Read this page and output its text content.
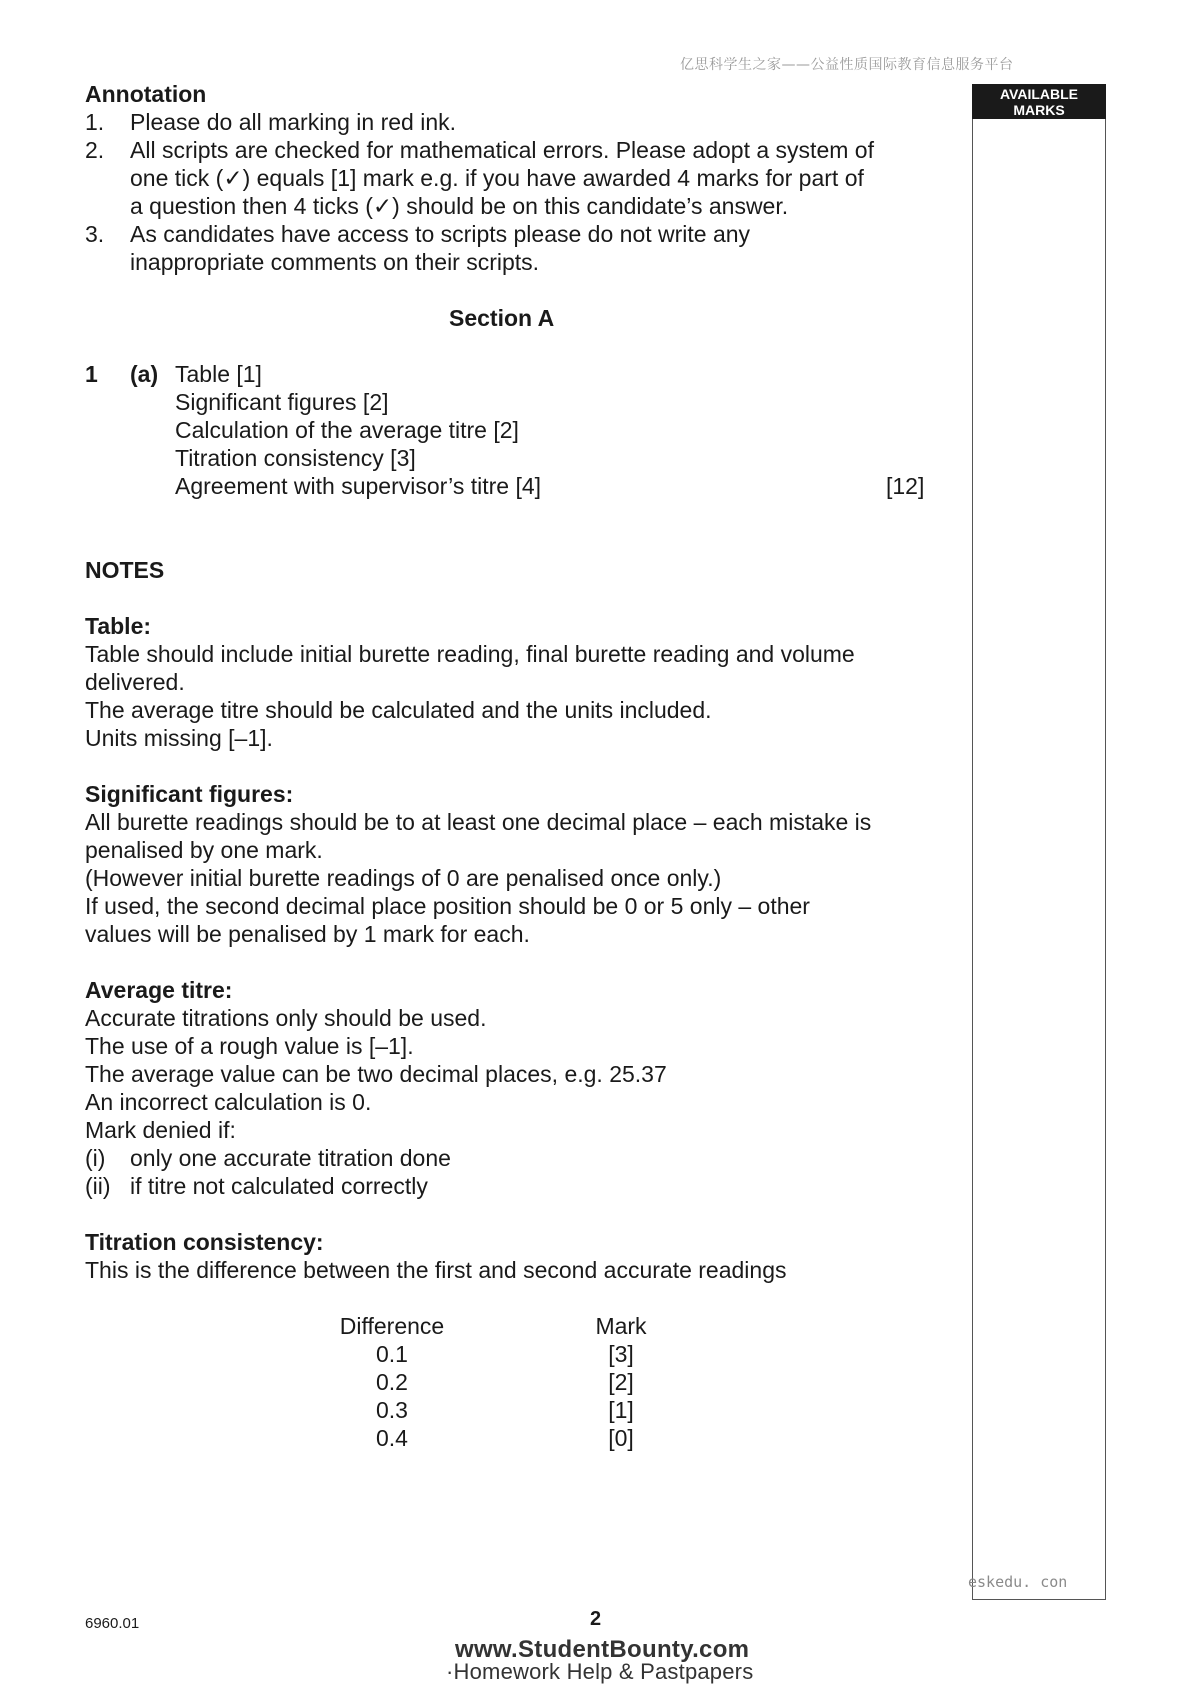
亿思科学生之家——公益性质国际教育信息服务平台
AVAILABLE
MARKS
Annotation
1.	Please do all marking in red ink.
2.	All scripts are checked for mathematical errors. Please adopt a system of
one tick (✓) equals [1] mark e.g. if you have awarded 4 marks for part of
a question then 4 ticks (✓) should be on this candidate’s answer.
3.	As candidates have access to scripts please do not write any
inappropriate comments on their scripts.
Section A
1 (a) Table [1]
Significant figures [2]
Calculation of the average titre [2]
Titration consistency [3]
Agreement with supervisor’s titre [4]	[12]
NOTES
Table:
Table should include initial burette reading, final burette reading and volume
delivered.
The average titre should be calculated and the units included.
Units missing [–1].
Significant figures:
All burette readings should be to at least one decimal place – each mistake is
penalised by one mark.
(However initial burette readings of 0 are penalised once only.)
If used, the second decimal place position should be 0 or 5 only – other
values will be penalised by 1 mark for each.
Average titre:
Accurate titrations only should be used.
The use of a rough value is [–1].
The average value can be two decimal places, e.g. 25.37
An incorrect calculation is 0.
Mark denied if:
(i) only one accurate titration done
(ii) if titre not calculated correctly
Titration consistency:
This is the difference between the first and second accurate readings
Difference	Mark
0.1	[3]
0.2	[2]
0.3	[1]
0.4	[0]
eskedu. con
6960.01	2
www.StudentBounty.com
·Homework Help & Pastpapers
